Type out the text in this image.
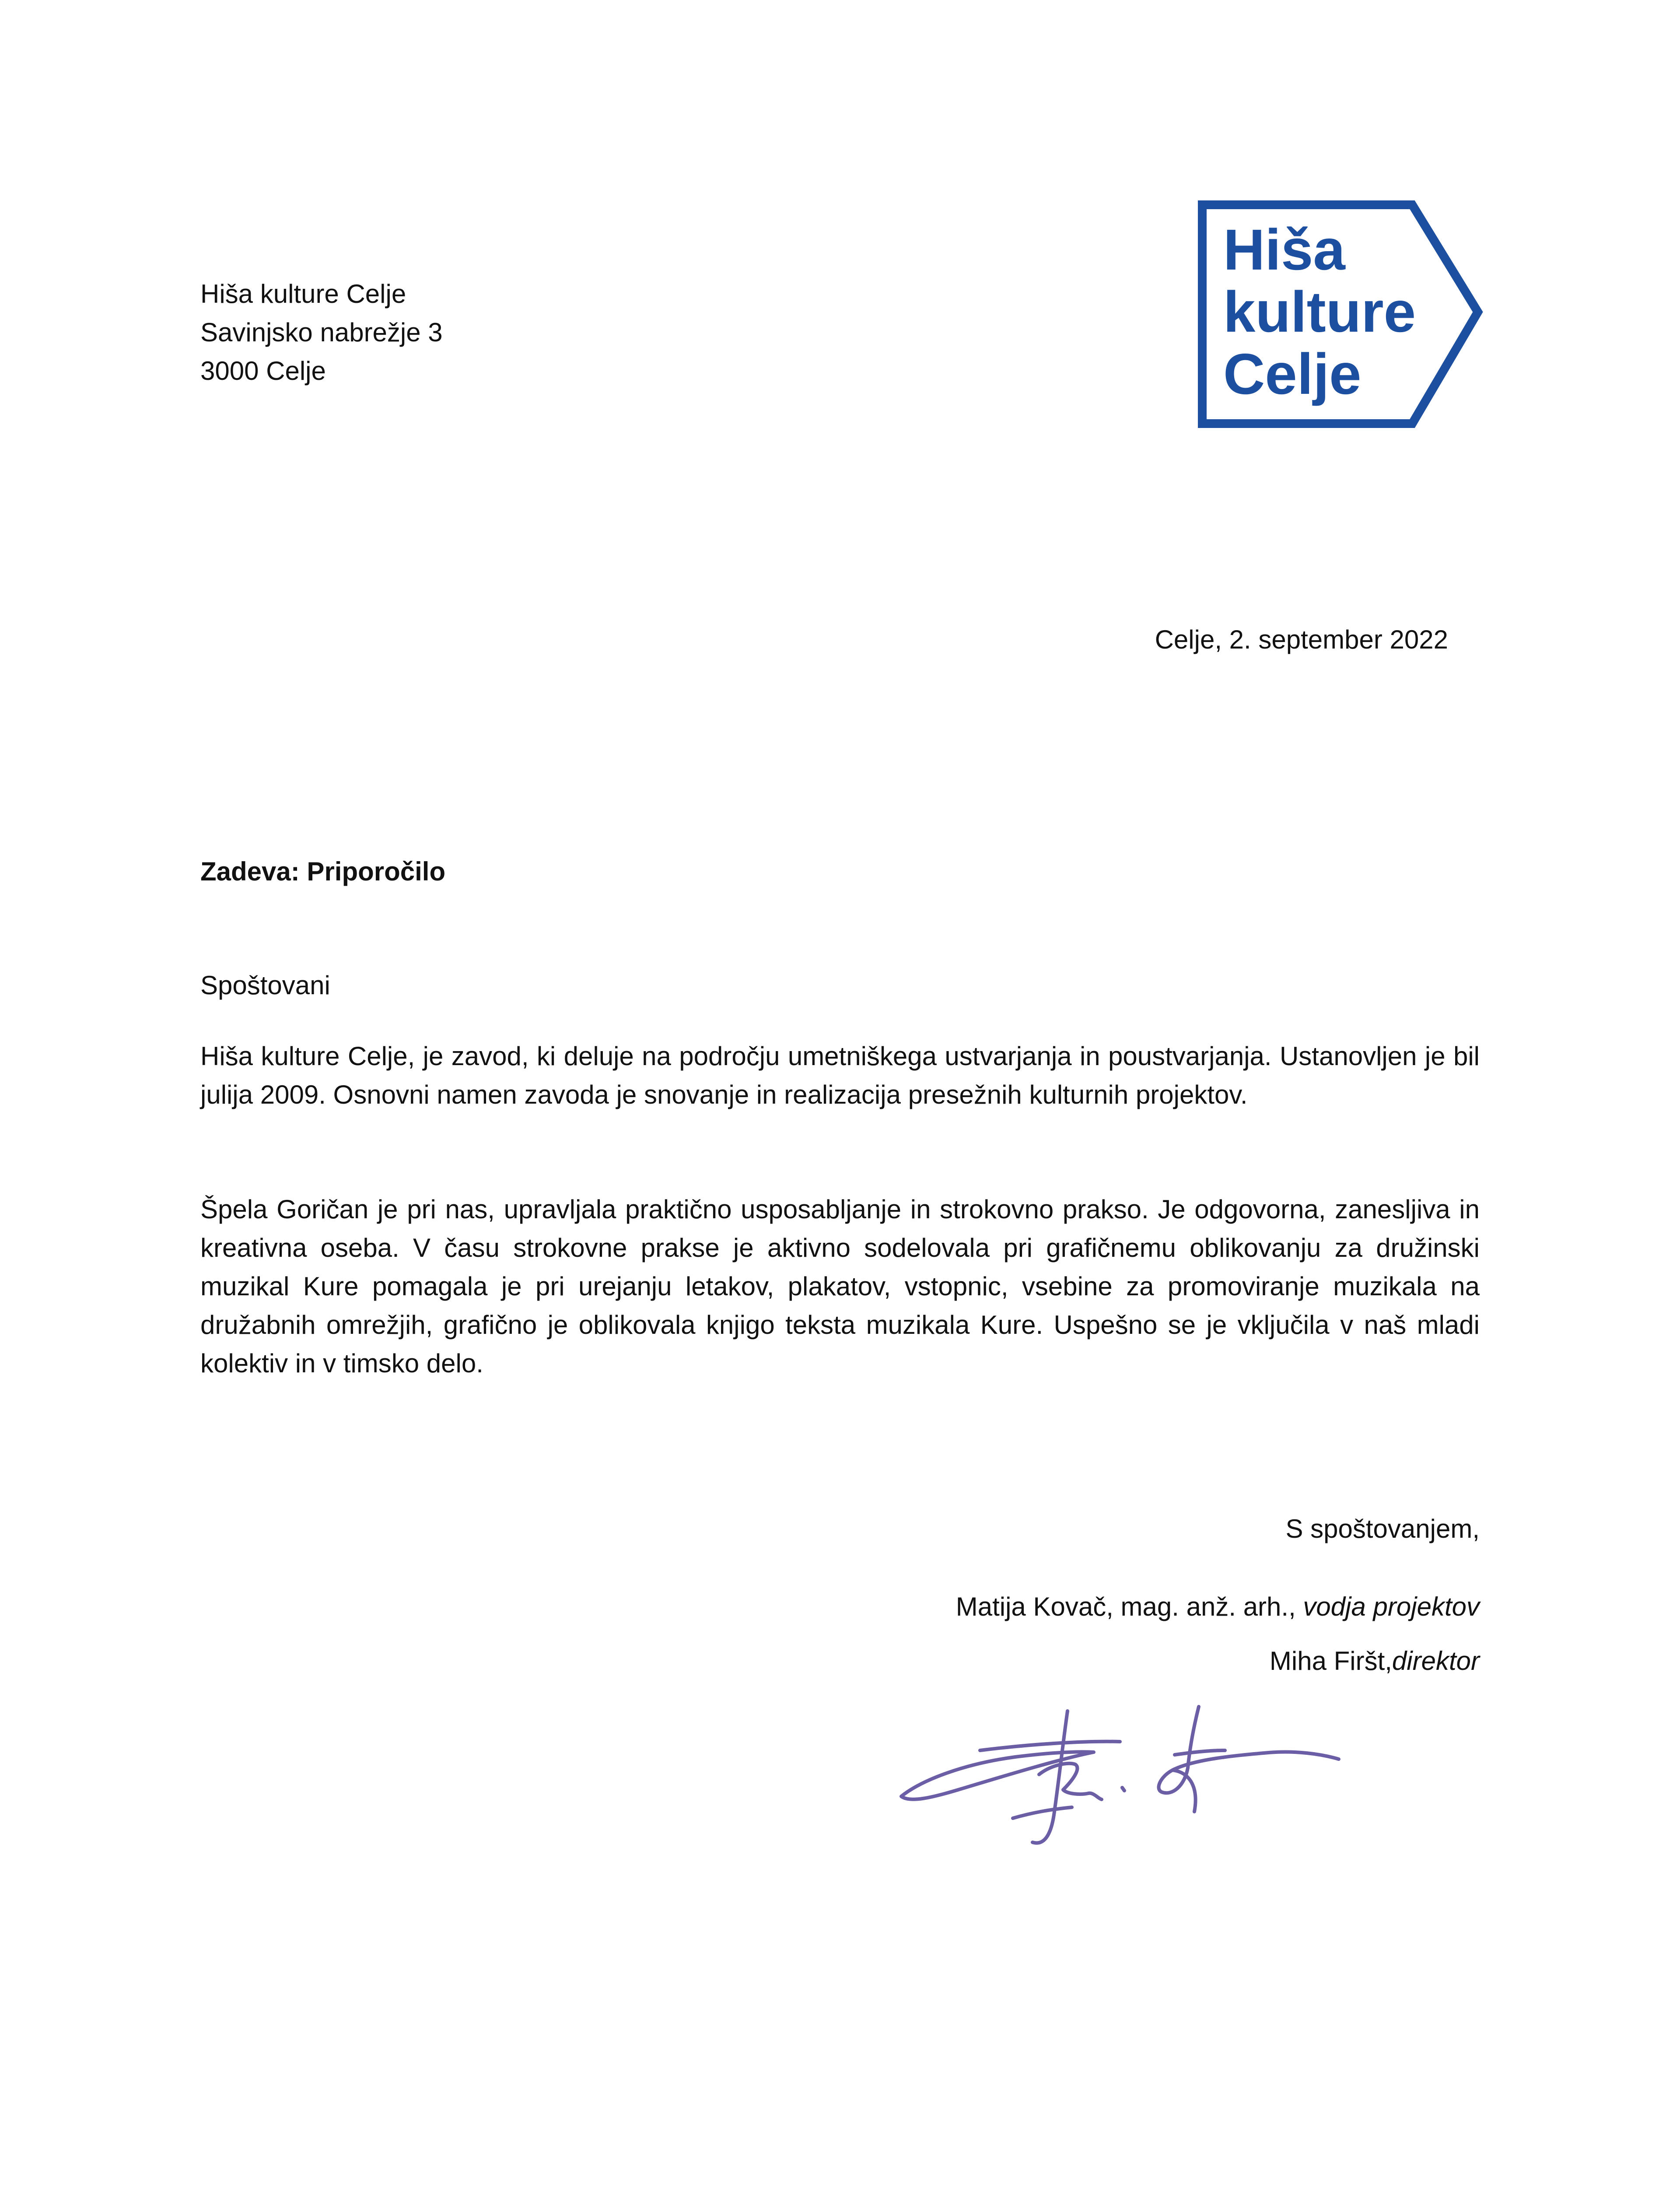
Hiša kulture Celje
Savinjsko nabrežje 3
3000 Celje
Hiša
kulture
Celje
Celje, 2. september 2022
Zadeva: Priporočilo
Spoštovani
Hiša kulture Celje, je zavod, ki deluje na področju umetniškega ustvarjanja in poustvarjanja. Ustanovljen je bil julija 2009. Osnovni namen zavoda je snovanje in realizacija presežnih kulturnih projektov.
Špela Goričan je pri nas, upravljala praktično usposabljanje in strokovno prakso. Je odgovorna, zanesljiva in kreativna oseba. V času strokovne prakse je aktivno sodelovala pri grafičnemu oblikovanju za družinski muzikal Kure pomagala je pri urejanju letakov, plakatov, vstopnic, vsebine za promoviranje muzikala na družabnih omrežjih, grafično je oblikovala knjigo teksta muzikala Kure. Uspešno se je vključila v naš mladi kolektiv in v timsko delo.
S spoštovanjem,
Matija Kovač, mag. anž. arh., vodja projektov
Miha Firšt,direktor
